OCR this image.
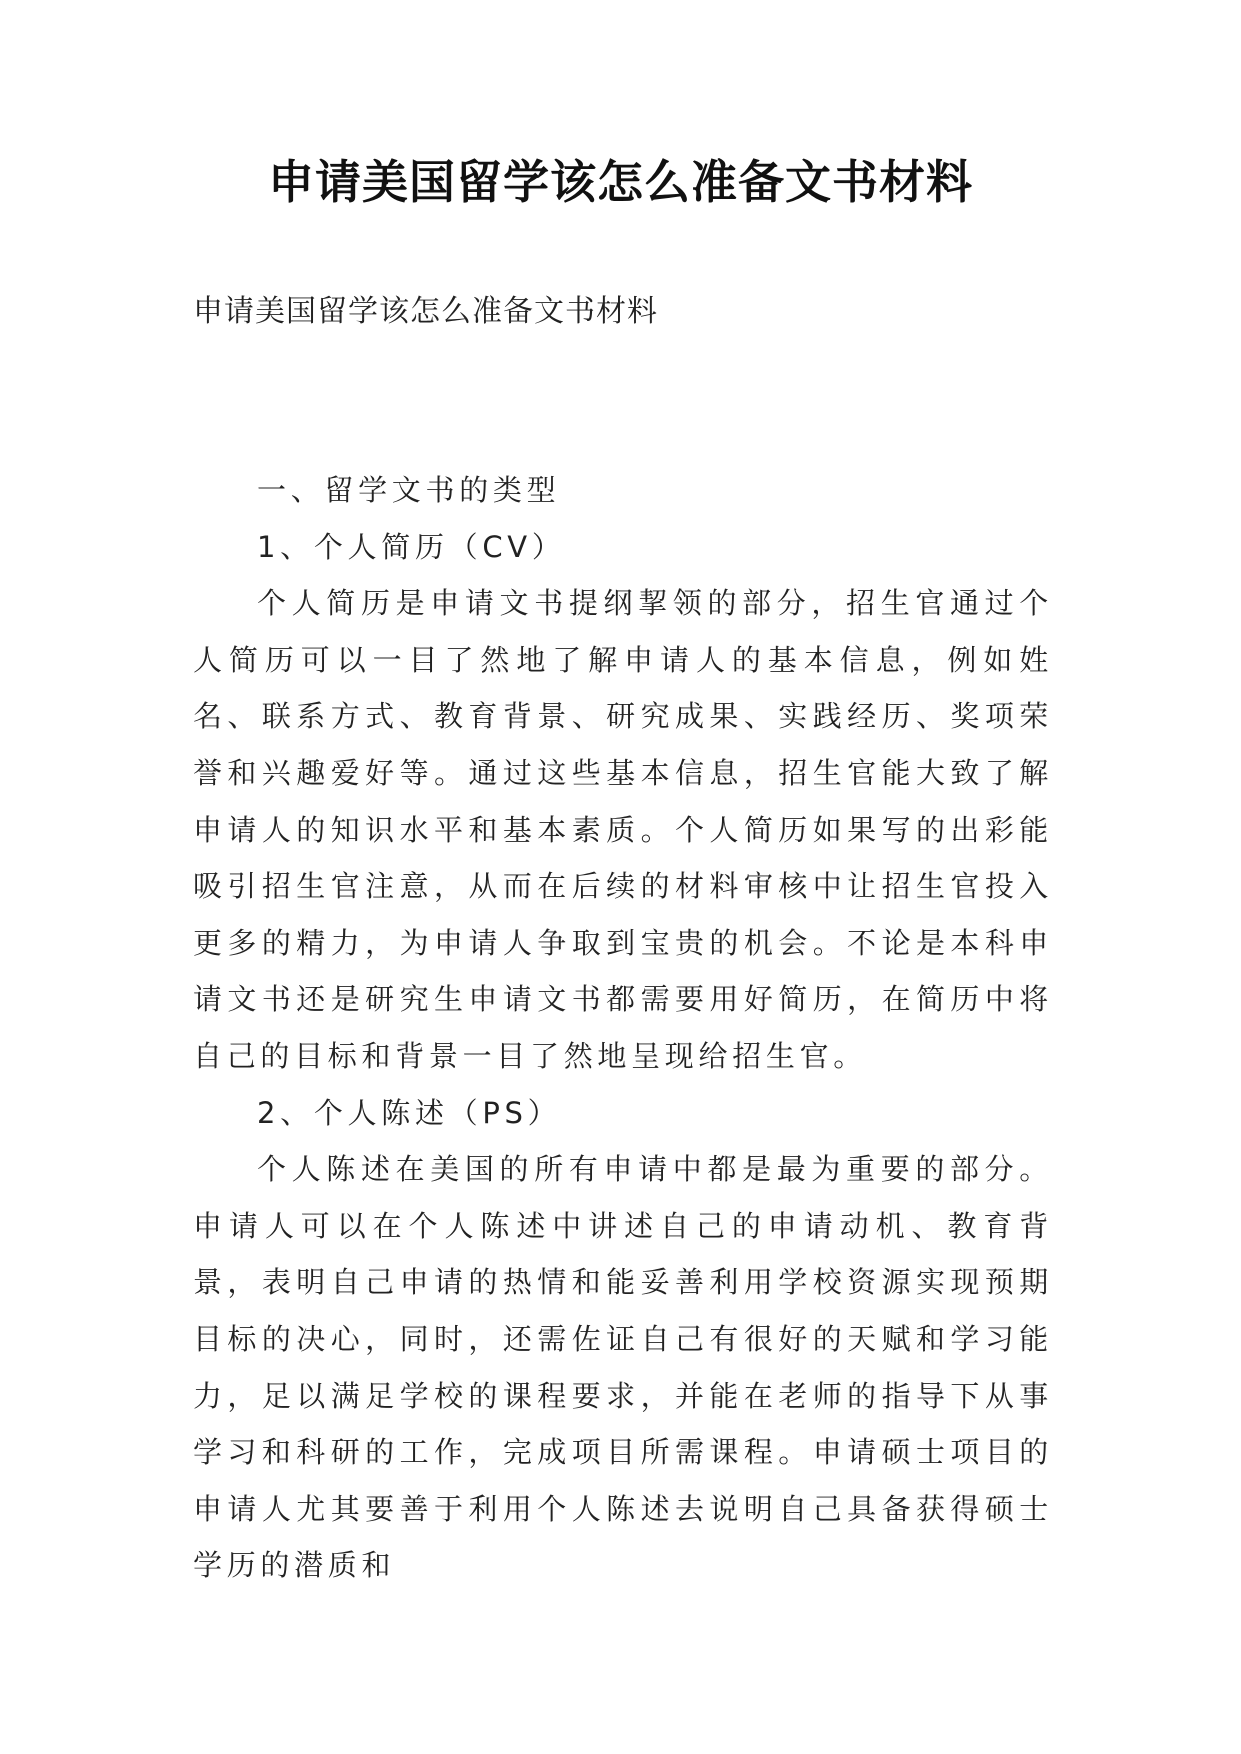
申请美国留学该怎么准备文书材料
申请美国留学该怎么准备文书材料

一、留学文书的类型

1、个人简历（CV）

个人简历是申请文书提纲挈领的部分，招生官通过个人简历可以一目了然地了解申请人的基本信息，例如姓名、联系方式、教育背景、研究成果、实践经历、奖项荣誉和兴趣爱好等。通过这些基本信息，招生官能大致了解申请人的知识水平和基本素质。个人简历如果写的出彩能吸引招生官注意，从而在后续的材料审核中让招生官投入更多的精力，为申请人争取到宝贵的机会。不论是本科申请文书还是研究生申请文书都需要用好简历，在简历中将自己的目标和背景一目了然地呈现给招生官。

2、个人陈述（PS）

个人陈述在美国的所有申请中都是最为重要的部分。申请人可以在个人陈述中讲述自己的申请动机、教育背景，表明自己申请的热情和能妥善利用学校资源实现预期目标的决心，同时，还需佐证自己有很好的天赋和学习能力，足以满足学校的课程要求，并能在老师的指导下从事学习和科研的工作，完成项目所需课程。申请硕士项目的申请人尤其要善于利用个人陈述去说明自己具备获得硕士学历的潜质和
